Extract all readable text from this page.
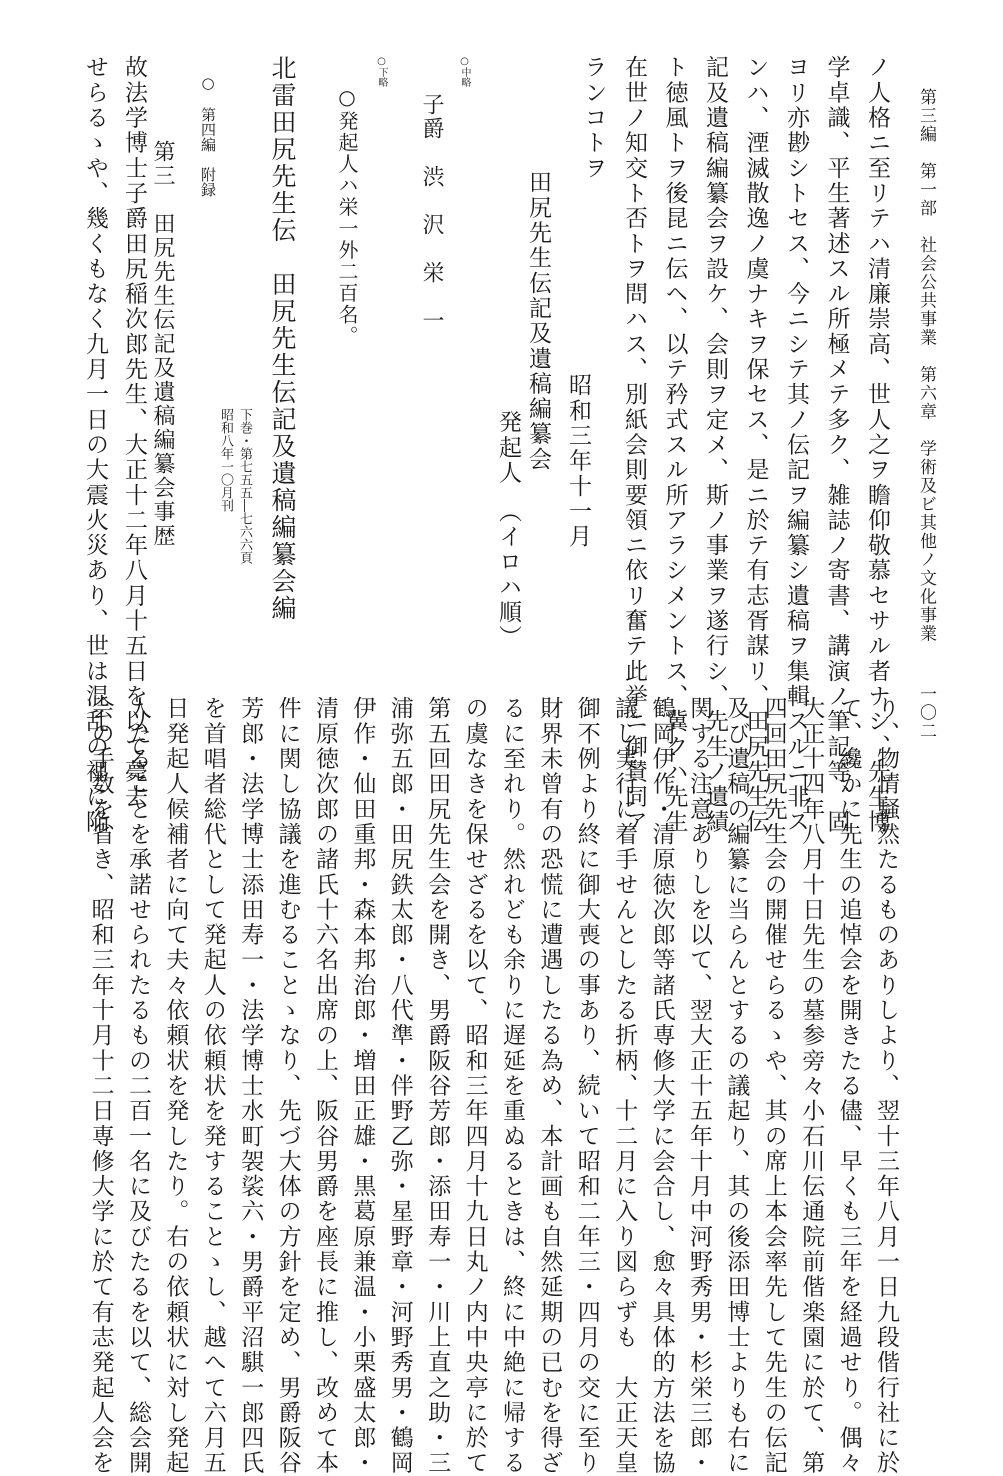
第三編　第一部　社会公共事業　第六章　学術及ビ其他ノ文化事業
一〇二
ノ人格ニ至リテハ清廉崇高、世人之ヲ瞻仰敬慕セサル者ナシ、先生博
学卓識、平生著述スル所極メテ多ク、雑誌ノ寄書、講演ノ筆記等、固
ヨリ亦尠シトセス、今ニシテ其ノ伝記ヲ編纂シ遺稿ヲ集輯スルニ非ス
ンハ、湮滅散逸ノ虞ナキヲ保セス、是ニ於テ有志胥謀リ、田尻先生伝
記及遺稿編纂会ヲ設ケ、会則ヲ定メ、斯ノ事業ヲ遂行シ、先生ノ遺績
ト徳風トヲ後昆ニ伝ヘ、以テ矜式スル所アラシメントス、冀クハ先生
在世ノ知交ト否トヲ問ハス、別紙会則要領ニ依リ奮テ此挙ニ御賛同ア
ランコトヲ
昭和三年十一月
田尻先生伝記及遺稿編纂会
発起人　（イロハ順）
○中略
子爵　渋　沢　栄　一
○下略
○発起人ハ栄一外二百名。
北雷田尻先生伝　田尻先生伝記及遺稿編纂会編
下巻・第七五五―七六六頁
昭和八年一〇月刊
○　第四編　附録
第三　田尻先生伝記及遺稿編纂会事歴
故法学博士子爵田尻稲次郎先生、大正十二年八月十五日を以て薨去
せらるゝや、幾くもなく九月一日の大震火災あり、世は混乱の裡に陥
り、物情騒然たるものありしより、翌十三年八月一日九段偕行社に於
て、纔かに先生の追悼会を開きたる儘、早くも三年を経過せり。偶々
大正十四年八月十日先生の墓参旁々小石川伝通院前偕楽園に於て、第
四回田尻先生会の開催せらるゝや、其の席上本会率先して先生の伝記
及び遺稿の編纂に当らんとするの議起り、其の後添田博士よりも右に
関する注意ありしを以て、翌大正十五年十月中河野秀男・杉栄三郎・
鶴岡伊作・清原徳次郎等諸氏専修大学に会合し、愈々具体的方法を協
議し実行に着手せんとしたる折柄、十二月に入り図らずも　大正天皇
御不例より終に御大喪の事あり、続いて昭和二年三・四月の交に至り
財界未曾有の恐慌に遭遇したる為め、本計画も自然延期の已むを得ざ
るに至れり。然れども余りに遅延を重ぬるときは、終に中絶に帰する
の虞なきを保せざるを以て、昭和三年四月十九日丸ノ内中央亭に於て
第五回田尻先生会を開き、男爵阪谷芳郎・添田寿一・川上直之助・三
浦弥五郎・田尻鉄太郎・八代準・伴野乙弥・星野章・河野秀男・鶴岡
伊作・仙田重邦・森本邦治郎・増田正雄・黒葛原兼温・小栗盛太郎・
清原徳次郎の諸氏十六名出席の上、阪谷男爵を座長に推し、改めて本
件に関し協議を進むることゝなり、先づ大体の方針を定め、男爵阪谷
芳郎・法学博士添田寿一・法学博士水町袈裟六・男爵平沼騏一郎四氏
を首唱者総代として発起人の依頼状を発することゝし、越へて六月五
日発起人候補者に向て夫々依頼状を発したり。右の依頼状に対し発起
人たることを承諾せられたるもの二百一名に及びたるを以て、総会開
会の手数を省き、昭和三年十月十二日専修大学に於て有志発起人会を
